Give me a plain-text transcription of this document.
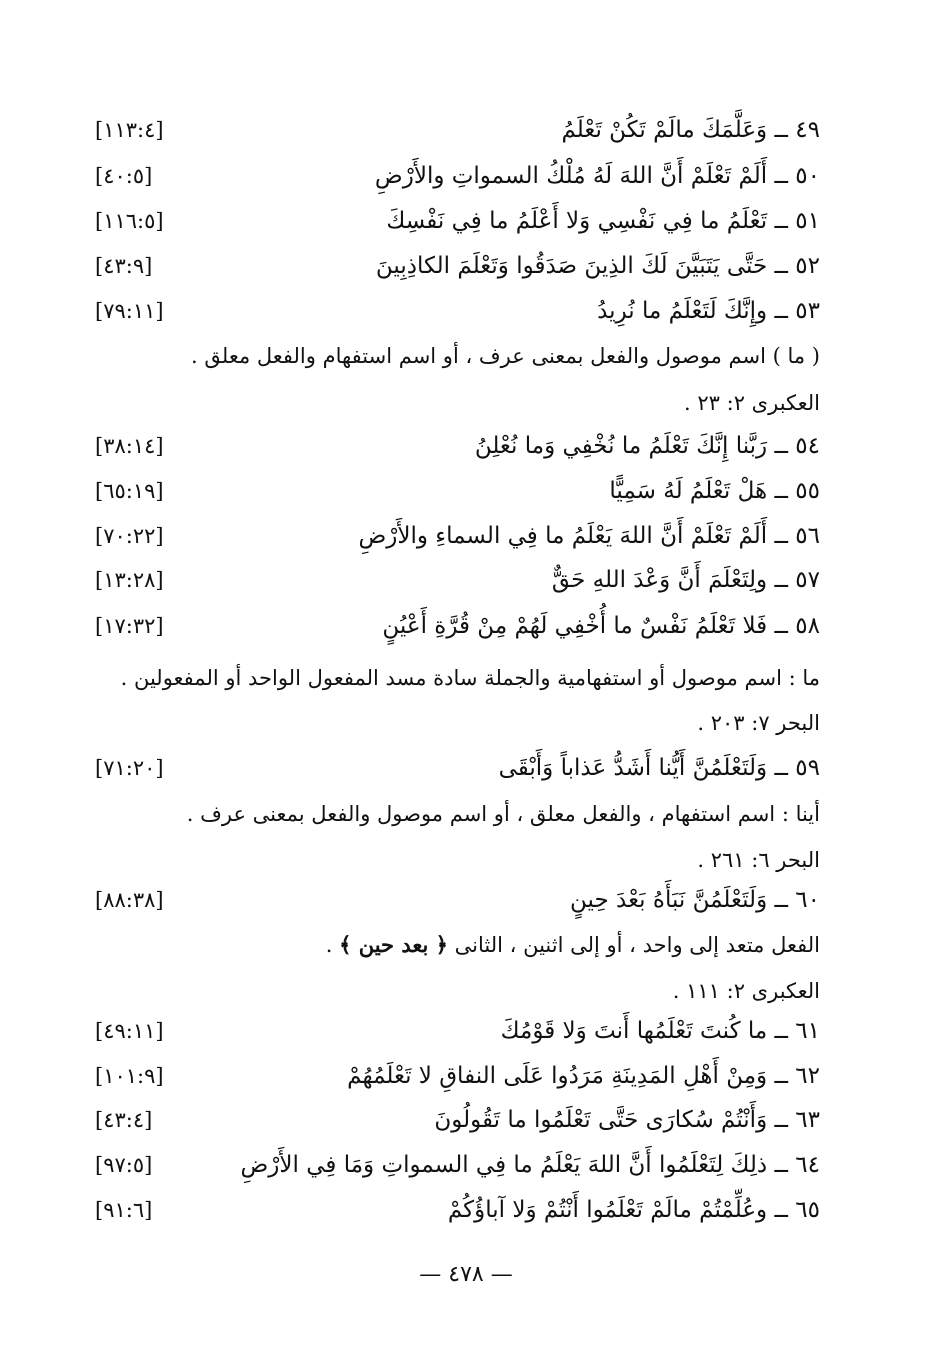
٤٩ ــ وَعَلَّمَكَ مالَمْ تَكُنْ تَعْلَمُ
[١١٣:٤]
٥٠ ــ أَلَمْ تَعْلَمْ أَنَّ اللهَ لَهُ مُلْكُ السمواتِ والأَرْضِ
[٤٠:٥]
٥١ ــ تَعْلَمُ ما فِي نَفْسِي وَلا أَعْلَمُ ما فِي نَفْسِكَ
[١١٦:٥]
٥٢ ــ حَتَّى يَتَبَيَّنَ لَكَ الذِينَ صَدَقُوا وَتَعْلَمَ الكاذِبِينَ
[٤٣:٩]
٥٣ ــ وإِنَّكَ لَتَعْلَمُ ما نُرِيدُ
[٧٩:١١]
( ما ) اسم موصول والفعل بمعنى عرف ، أو اسم استفهام والفعل معلق .
العكبرى ٢: ٢٣ .
٥٤ ــ رَبَّنا إِنَّكَ تَعْلَمُ ما نُخْفِي وَما نُعْلِنُ
[٣٨:١٤]
٥٥ ــ هَلْ تَعْلَمُ لَهُ سَمِيًّا
[٦٥:١٩]
٥٦ ــ أَلَمْ تَعْلَمْ أَنَّ اللهَ يَعْلَمُ ما فِي السماءِ والأَرْضِ
[٧٠:٢٢]
٥٧ ــ ولِتَعْلَمَ أَنَّ وَعْدَ اللهِ حَقٌّ
[١٣:٢٨]
٥٨ ــ فَلا تَعْلَمُ نَفْسٌ ما أُخْفِي لَهُمْ مِنْ قُرَّةِ أَعْيُنٍ
[١٧:٣٢]
ما : اسم موصول أو استفهامية والجملة سادة مسد المفعول الواحد أو المفعولين .
البحر ٧: ٢٠٣ .
٥٩ ــ وَلَتَعْلَمُنَّ أَيُّنا أَشَدُّ عَذاباً وَأَبْقَى
[٧١:٢٠]
أينا : اسم استفهام ، والفعل معلق ، أو اسم موصول والفعل بمعنى عرف .
البحر ٦: ٢٦١ .
٦٠ ــ وَلَتَعْلَمُنَّ نَبَأَهُ بَعْدَ حِينٍ
[٨٨:٣٨]
الفعل متعد إلى واحد ، أو إلى اثنين ، الثانى ﴿ بعد حين ﴾ .
العكبرى ٢: ١١١ .
٦١ ــ ما كُنتَ تَعْلَمُها أَنتَ وَلا قَوْمُكَ
[٤٩:١١]
٦٢ ــ وَمِنْ أَهْلِ المَدِينَةِ مَرَدُوا عَلَى النفاقِ لا تَعْلَمُهُمْ
[١٠١:٩]
٦٣ ــ وَأَنْتُمْ سُكارَى حَتَّى تَعْلَمُوا ما تَقُولُونَ
[٤٣:٤]
٦٤ ــ ذلِكَ لِتَعْلَمُوا أَنَّ اللهَ يَعْلَمُ ما فِي السمواتِ وَمَا فِي الأَرْضِ
[٩٧:٥]
٦٥ ــ وعُلِّمْتُمْ مالَمْ تَعْلَمُوا أَنْتُمْ وَلا آباؤُكُمْ
[٩١:٦]
— ٤٧٨ —
